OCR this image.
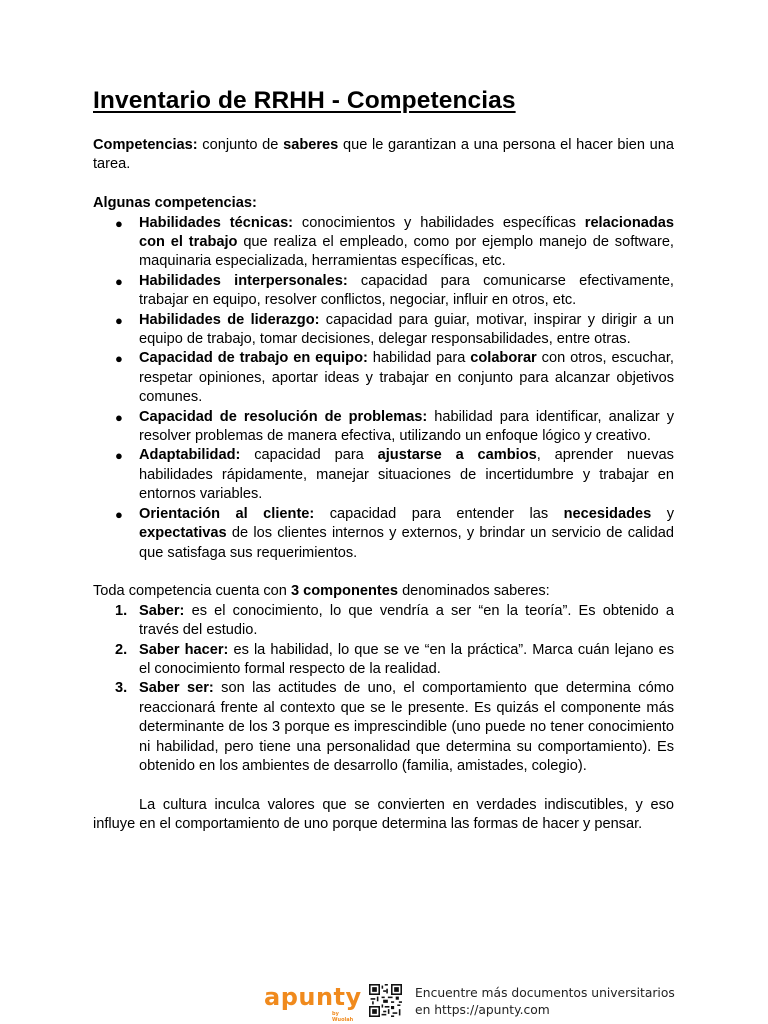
Inventario de RRHH - Competencias

Competencias: conjunto de saberes que le garantizan a una persona el hacer bien una tarea.

Algunas competencias:

●	Habilidades técnicas: conocimientos y habilidades específicas relacionadas con el trabajo que realiza el empleado, como por ejemplo manejo de software, maquinaria especializada, herramientas específicas, etc.
●	Habilidades interpersonales: capacidad para comunicarse efectivamente, trabajar en equipo, resolver conflictos, negociar, influir en otros, etc.
●	Habilidades de liderazgo: capacidad para guiar, motivar, inspirar y dirigir a un equipo de trabajo, tomar decisiones, delegar responsabilidades, entre otras.
●	Capacidad de trabajo en equipo: habilidad para colaborar con otros, escuchar, respetar opiniones, aportar ideas y trabajar en conjunto para alcanzar objetivos comunes.
●	Capacidad de resolución de problemas: habilidad para identificar, analizar y resolver problemas de manera efectiva, utilizando un enfoque lógico y creativo.
●	Adaptabilidad: capacidad para ajustarse a cambios, aprender nuevas habilidades rápidamente, manejar situaciones de incertidumbre y trabajar en entornos variables.
●	Orientación al cliente: capacidad para entender las necesidades y expectativas de los clientes internos y externos, y brindar un servicio de calidad que satisfaga sus requerimientos.

Toda competencia cuenta con 3 componentes denominados saberes:

1. Saber: es el conocimiento, lo que vendría a ser “en la teoría”. Es obtenido a través del estudio.
2. Saber hacer: es la habilidad, lo que se ve “en la práctica”. Marca cuán lejano es el conocimiento formal respecto de la realidad.
3. Saber ser: son las actitudes de uno, el comportamiento que determina cómo reaccionará frente al contexto que se le presente. Es quizás el componente más determinante de los 3 porque es imprescindible (uno puede no tener conocimiento ni habilidad, pero tiene una personalidad que determina su comportamiento). Es obtenido en los ambientes de desarrollo (familia, amistades, colegio).

La cultura inculca valores que se convierten en verdades indiscutibles, y eso influye en el comportamiento de uno porque determina las formas de hacer y pensar.

apunty
by Wuolah
Encuentre más documentos universitarios
en https://apunty.com
